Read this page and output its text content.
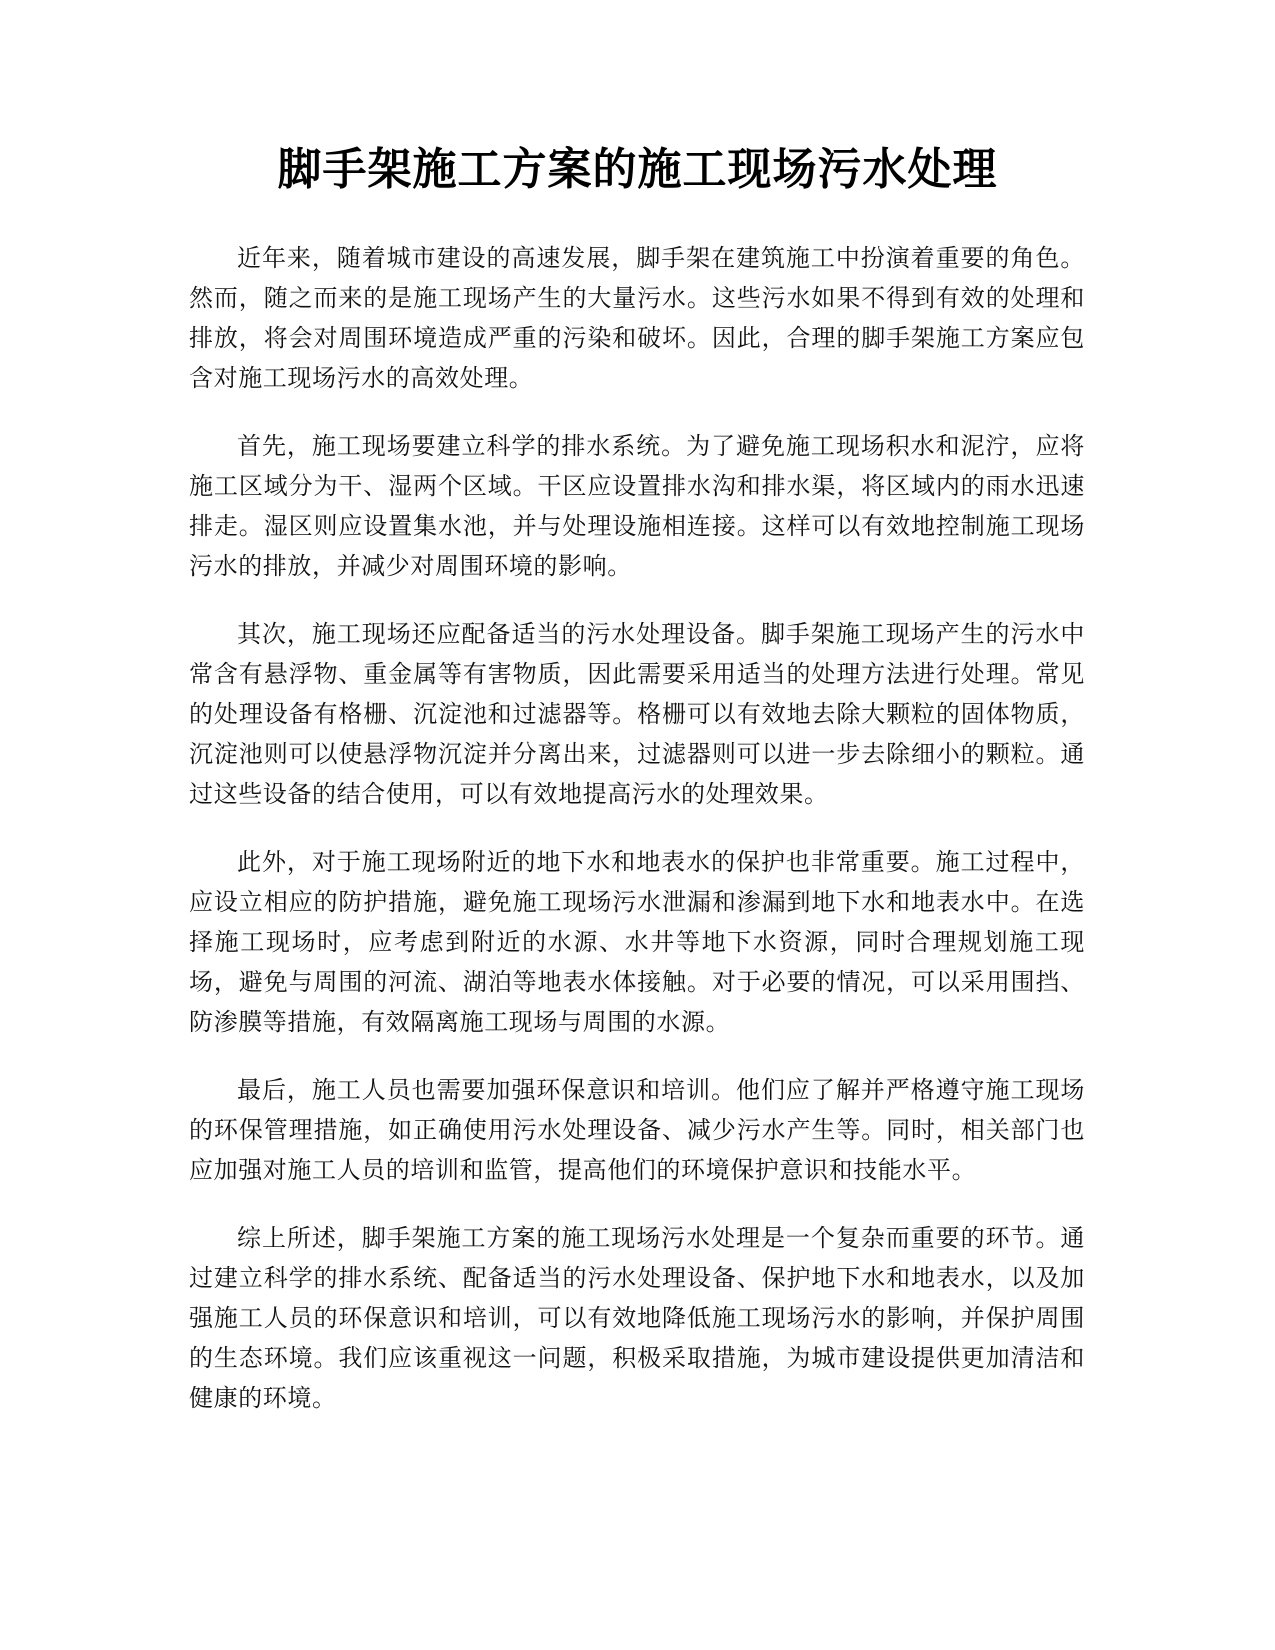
脚手架施工方案的施工现场污水处理

近年来，随着城市建设的高速发展，脚手架在建筑施工中扮演着重要的角色。然而，随之而来的是施工现场产生的大量污水。这些污水如果不得到有效的处理和排放，将会对周围环境造成严重的污染和破坏。因此，合理的脚手架施工方案应包含对施工现场污水的高效处理。

首先，施工现场要建立科学的排水系统。为了避免施工现场积水和泥泞，应将施工区域分为干、湿两个区域。干区应设置排水沟和排水渠，将区域内的雨水迅速排走。湿区则应设置集水池，并与处理设施相连接。这样可以有效地控制施工现场污水的排放，并减少对周围环境的影响。

其次，施工现场还应配备适当的污水处理设备。脚手架施工现场产生的污水中常含有悬浮物、重金属等有害物质，因此需要采用适当的处理方法进行处理。常见的处理设备有格栅、沉淀池和过滤器等。格栅可以有效地去除大颗粒的固体物质，沉淀池则可以使悬浮物沉淀并分离出来，过滤器则可以进一步去除细小的颗粒。通过这些设备的结合使用，可以有效地提高污水的处理效果。

此外，对于施工现场附近的地下水和地表水的保护也非常重要。施工过程中，应设立相应的防护措施，避免施工现场污水泄漏和渗漏到地下水和地表水中。在选择施工现场时，应考虑到附近的水源、水井等地下水资源，同时合理规划施工现场，避免与周围的河流、湖泊等地表水体接触。对于必要的情况，可以采用围挡、防渗膜等措施，有效隔离施工现场与周围的水源。

最后，施工人员也需要加强环保意识和培训。他们应了解并严格遵守施工现场的环保管理措施，如正确使用污水处理设备、减少污水产生等。同时，相关部门也应加强对施工人员的培训和监管，提高他们的环境保护意识和技能水平。

综上所述，脚手架施工方案的施工现场污水处理是一个复杂而重要的环节。通过建立科学的排水系统、配备适当的污水处理设备、保护地下水和地表水，以及加强施工人员的环保意识和培训，可以有效地降低施工现场污水的影响，并保护周围的生态环境。我们应该重视这一问题，积极采取措施，为城市建设提供更加清洁和健康的环境。
